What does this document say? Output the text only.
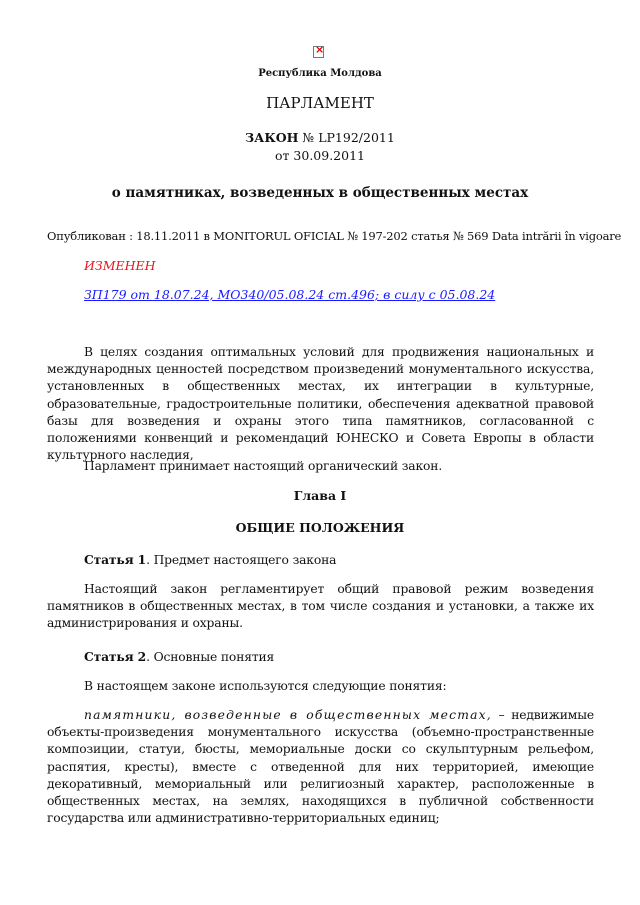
×
Республика Молдова
ПАРЛАМЕНТ
ЗАКОН № LP192/2011
от 30.09.2011
о памятниках, возведенных в общественных местах
Опубликован : 18.11.2011 в MONITORUL OFICIAL № 197-202 статья № 569 Data intrării în vigoare
ИЗМЕНЕН
ЗП179 от 18.07.24, MO340/05.08.24 ст.496; в силу с 05.08.24
В целях создания оптимальных условий для продвижения национальных и международных ценностей посредством произведений монументального искусства, установленных в общественных местах, их интеграции в культурные, образовательные, градостроительные политики, обеспечения адекватной правовой базы для возведения и охраны этого типа памятников, согласованной с положениями конвенций и рекомендаций ЮНЕСКО и Совета Европы в области культурного наследия,
Парламент принимает настоящий органический закон.
Глава I
ОБЩИЕ ПОЛОЖЕНИЯ
Статья 1. Предмет настоящего закона
Настоящий закон регламентирует общий правовой режим возведения памятников в общественных местах, в том числе создания и установки, а также их администрирования и охраны.
Статья 2. Основные понятия
В настоящем законе используются следующие понятия:
памятники, возведенные в общественных местах, – недвижимые объекты-произведения монументального искусства (объемно-пространственные композиции, статуи, бюсты, мемориальные доски со скульптурным рельефом, распятия, кресты), вместе с отведенной для них территорией, имеющие декоративный, мемориальный или религиозный характер, расположенные в общественных местах, на землях, находящихся в публичной собственности государства или административно-территориальных единиц;
